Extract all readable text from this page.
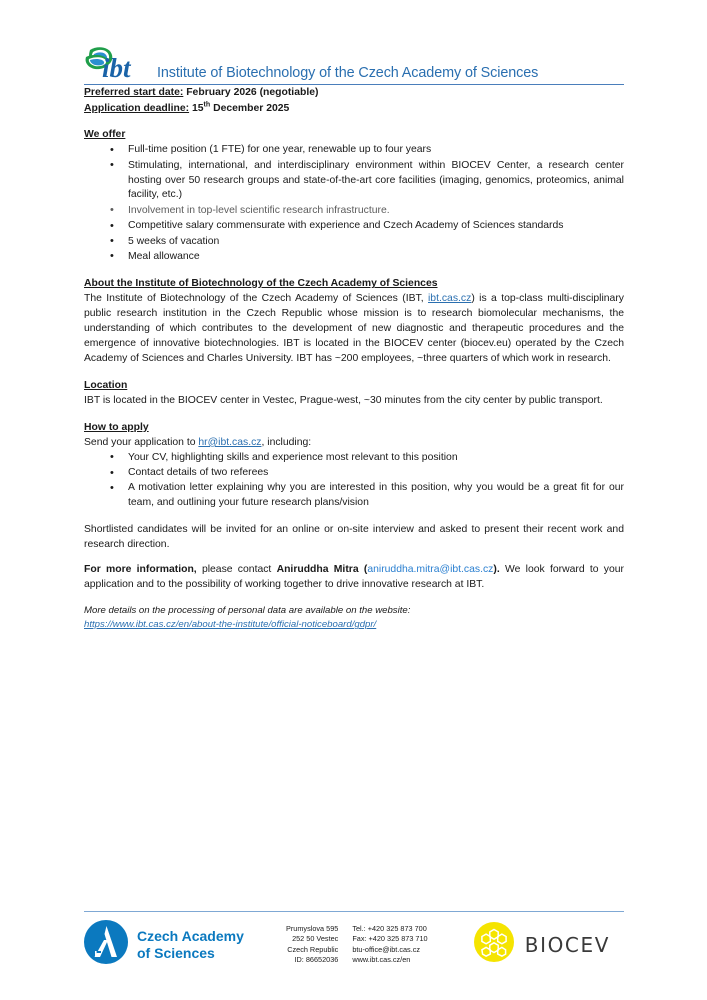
ibt Institute of Biotechnology of the Czech Academy of Sciences

Preferred start date: February 2026 (negotiable)

Application deadline: 15th December 2025

We offer
• Full-time position (1 FTE) for one year, renewable up to four years
• Stimulating, international, and interdisciplinary environment within BIOCEV Center, a research center hosting over 50 research groups and state-of-the-art core facilities (imaging, genomics, proteomics, animal facility, etc.)
• Involvement in top-level scientific research infrastructure.
• Competitive salary commensurate with experience and Czech Academy of Sciences standards
• 5 weeks of vacation
• Meal allowance
About the Institute of Biotechnology of the Czech Academy of Sciences

The Institute of Biotechnology of the Czech Academy of Sciences (IBT, ibt.cas.cz) is a top-class multi-disciplinary public research institution in the Czech Republic whose mission is to research biomolecular mechanisms, the understanding of which contributes to the development of new diagnostic and therapeutic procedures and the emergence of innovative biotechnologies. IBT is located in the BIOCEV center (biocev.eu) operated by the Czech Academy of Sciences and Charles University. IBT has ~200 employees, ~three quarters of which work in research.

Location

IBT is located in the BIOCEV center in Vestec, Prague-west, ~30 minutes from the city center by public transport.

How to apply

Send your application to hr@ibt.cas.cz, including:

• Your CV, highlighting skills and experience most relevant to this position
• Contact details of two referees
• A motivation letter explaining why you are interested in this position, why you would be a great fit for our team, and outlining your future research plans/vision

Shortlisted candidates will be invited for an online or on-site interview and asked to present their recent work and research direction.

For more information, please contact Aniruddha Mitra (aniruddha.mitra@ibt.cas.cz). We look forward to your application and to the possibility of working together to drive innovative research at IBT.

More details on the processing of personal data are available on the website:

https://www.ibt.cas.cz/en/about-the-institute/official-noticeboard/gdpr/

Czech Academy
of Sciences
Prumyslova 595
252 50 Vestec
Czech Republic
ID: 86652036
Tel.: +420 325 873 700
Fax: +420 325 873 710
btu-office@ibt.cas.cz
www.ibt.cas.cz/en
BIOCEV
